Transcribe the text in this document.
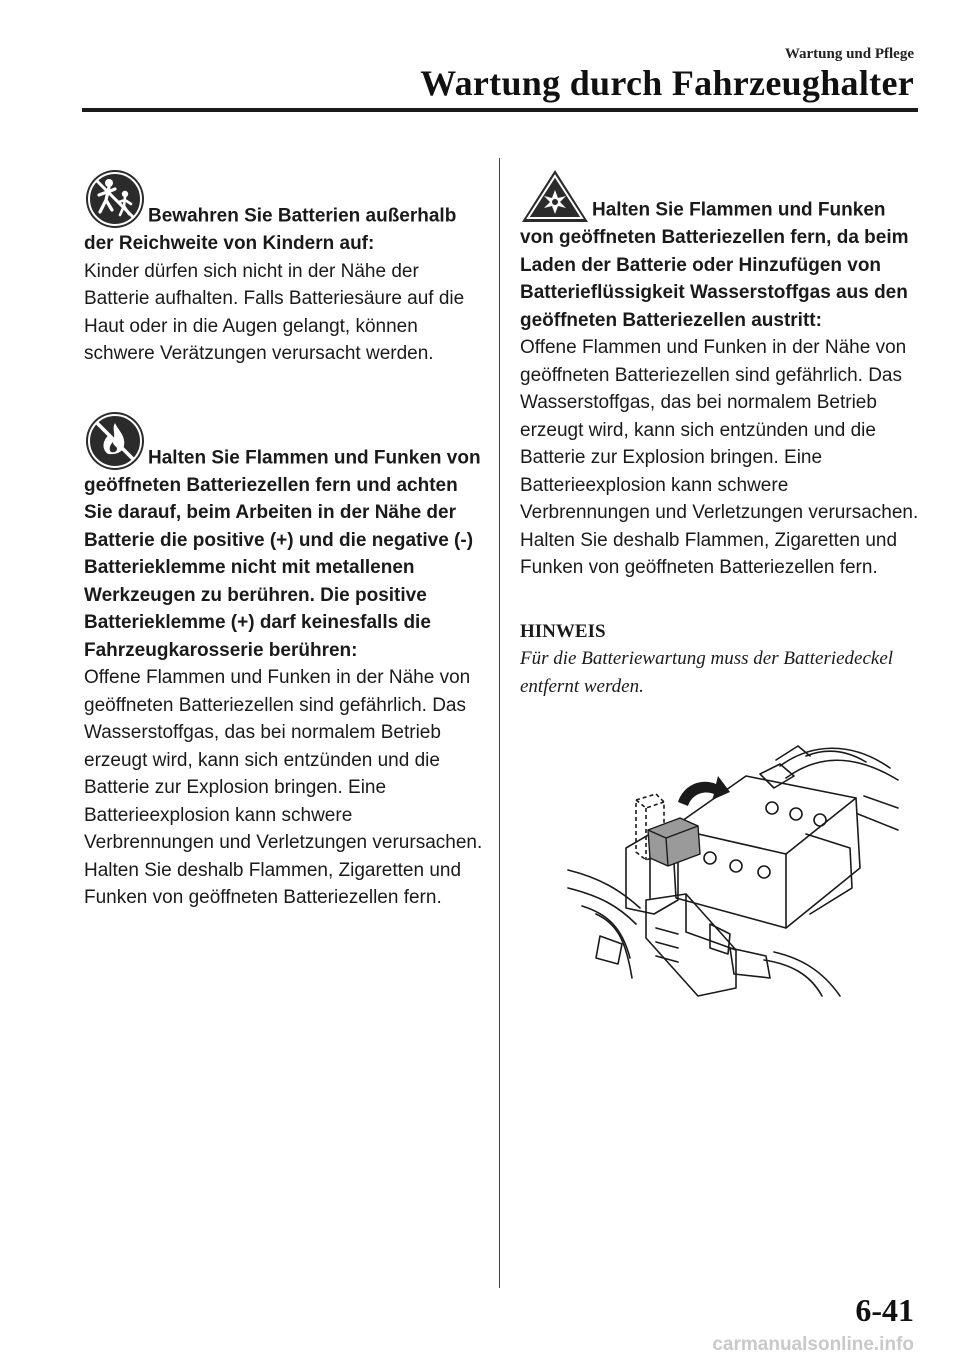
Wartung und Pflege
Wartung durch Fahrzeughalter
Bewahren Sie Batterien außerhalb der Reichweite von Kindern auf:

Kinder dürfen sich nicht in der Nähe der Batterie aufhalten. Falls Batteriesäure auf die Haut oder in die Augen gelangt, können schwere Verätzungen verursacht werden.

Halten Sie Flammen und Funken von geöffneten Batteriezellen fern und achten Sie darauf, beim Arbeiten in der Nähe der Batterie die positive (+) und die negative (-) Batterieklemme nicht mit metallenen Werkzeugen zu berühren. Die positive Batterieklemme (+) darf keinesfalls die Fahrzeugkarosserie berühren:

Offene Flammen und Funken in der Nähe von geöffneten Batteriezellen sind gefährlich. Das Wasserstoffgas, das bei normalem Betrieb erzeugt wird, kann sich entzünden und die Batterie zur Explosion bringen. Eine Batterieexplosion kann schwere Verbrennungen und Verletzungen verursachen. Halten Sie deshalb Flammen, Zigaretten und Funken von geöffneten Batteriezellen fern.

Halten Sie Flammen und Funken von geöffneten Batteriezellen fern, da beim Laden der Batterie oder Hinzufügen von Batterieflüssigkeit Wasserstoffgas aus den geöffneten Batteriezellen austritt:

Offene Flammen und Funken in der Nähe von geöffneten Batteriezellen sind gefährlich. Das Wasserstoffgas, das bei normalem Betrieb erzeugt wird, kann sich entzünden und die Batterie zur Explosion bringen. Eine Batterieexplosion kann schwere Verbrennungen und Verletzungen verursachen. Halten Sie deshalb Flammen, Zigaretten und Funken von geöffneten Batteriezellen fern.

HINWEIS
Für die Batteriewartung muss der Batteriedeckel entfernt werden.
6-41
carmanualsonline.info
